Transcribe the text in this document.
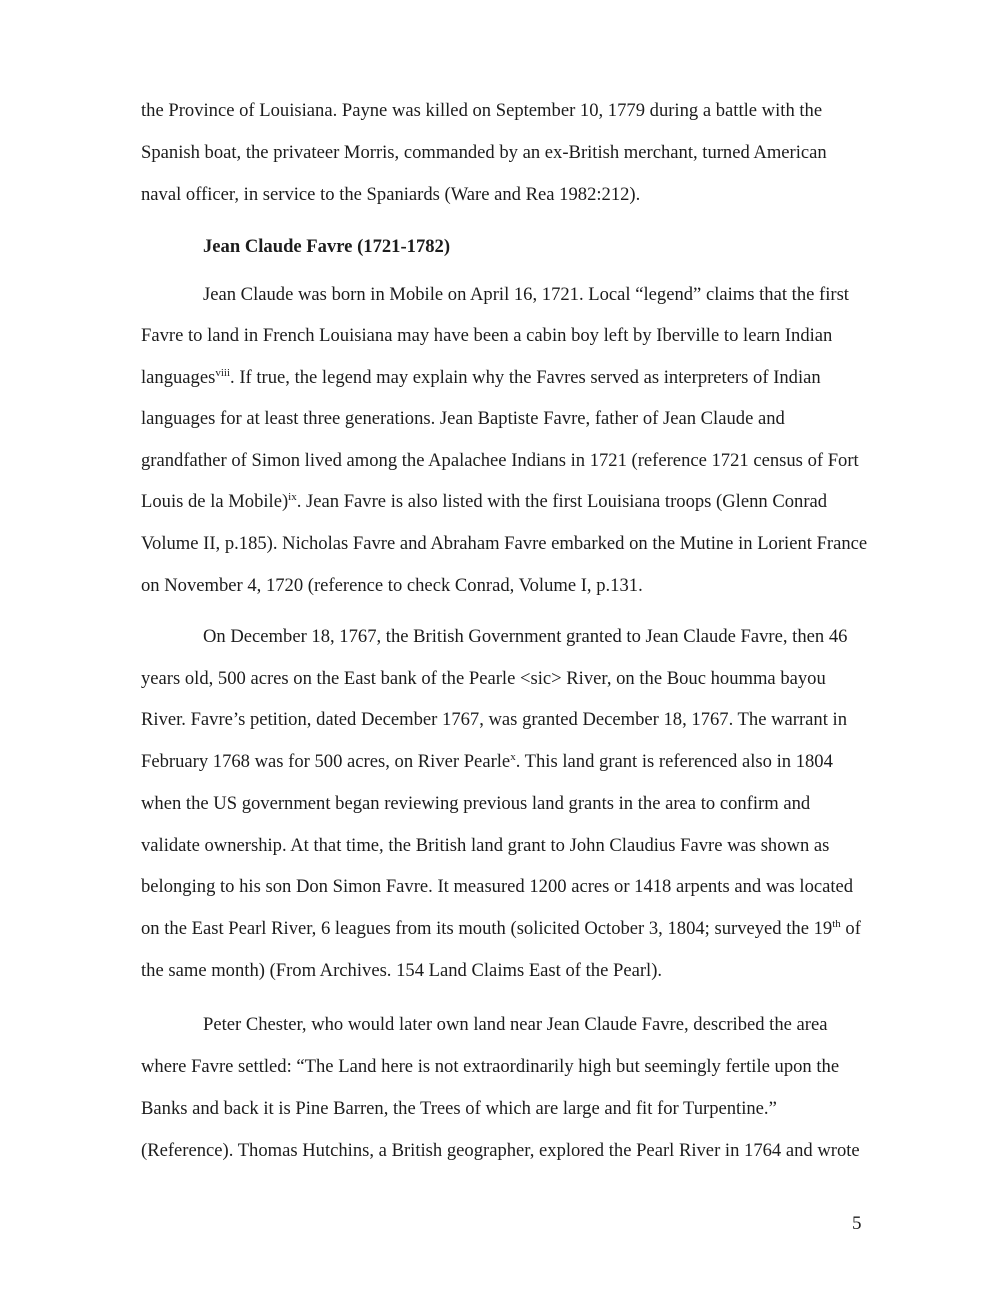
the Province of Louisiana. Payne was killed on September 10, 1779 during a battle with the
Spanish boat, the privateer Morris, commanded by an ex-British merchant, turned American
naval officer, in service to the Spaniards (Ware and Rea 1982:212).
Jean Claude Favre (1721-1782)
Jean Claude was born in Mobile on April 16, 1721. Local “legend” claims that the first
Favre to land in French Louisiana may have been a cabin boy left by Iberville to learn Indian
languages$^{viii}$. If true, the legend may explain why the Favres served as interpreters of Indian
languages for at least three generations. Jean Baptiste Favre, father of Jean Claude and
grandfather of Simon lived among the Apalachee Indians in 1721 (reference 1721 census of Fort
Louis de la Mobile)$^{ix}$. Jean Favre is also listed with the first Louisiana troops (Glenn Conrad
Volume II, p.185). Nicholas Favre and Abraham Favre embarked on the Mutine in Lorient France
on November 4, 1720 (reference to check Conrad, Volume I, p.131.
On December 18, 1767, the British Government granted to Jean Claude Favre, then 46
years old, 500 acres on the East bank of the Pearle <sic> River, on the Bouc houmma bayou
River. Favre’s petition, dated December 1767, was granted December 18, 1767. The warrant in
February 1768 was for 500 acres, on River Pearle$^x$. This land grant is referenced also in 1804
when the US government began reviewing previous land grants in the area to confirm and
validate ownership. At that time, the British land grant to John Claudius Favre was shown as
belonging to his son Don Simon Favre. It measured 1200 acres or 1418 arpents and was located
on the East Pearl River, 6 leagues from its mouth (solicited October 3, 1804; surveyed the 19th of
the same month) (From Archives. 154 Land Claims East of the Pearl).
Peter Chester, who would later own land near Jean Claude Favre, described the area
where Favre settled: “The Land here is not extraordinarily high but seemingly fertile upon the
Banks and back it is Pine Barren, the Trees of which are large and fit for Turpentine.”
(Reference). Thomas Hutchins, a British geographer, explored the Pearl River in 1764 and wrote
5
